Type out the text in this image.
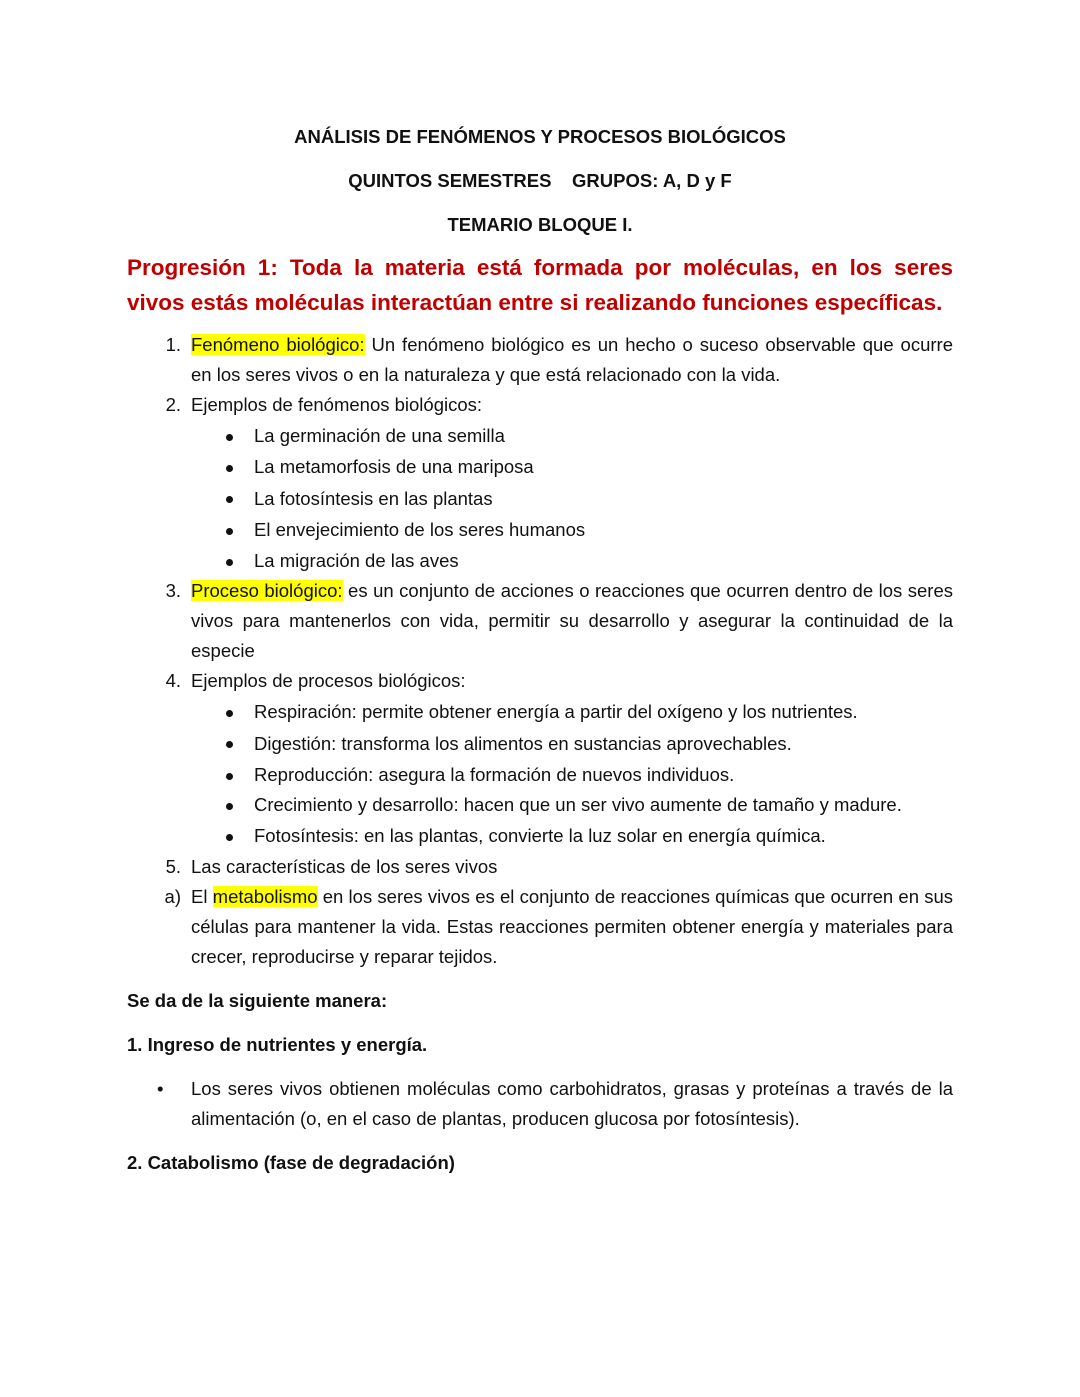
ANÁLISIS DE FENÓMENOS Y PROCESOS BIOLÓGICOS

QUINTOS SEMESTRES    GRUPOS: A, D y F

TEMARIO BLOQUE I.

Progresión 1: Toda la materia está formada por moléculas, en los seres vivos estás moléculas interactúan entre si realizando funciones específicas.

1. Fenómeno biológico: Un fenómeno biológico es un hecho o suceso observable que ocurre en los seres vivos o en la naturaleza y que está relacionado con la vida.
2. Ejemplos de fenómenos biológicos:
La germinación de una semilla
La metamorfosis de una mariposa
La fotosíntesis en las plantas
El envejecimiento de los seres humanos
La migración de las aves
3. Proceso biológico: es un conjunto de acciones o reacciones que ocurren dentro de los seres vivos para mantenerlos con vida, permitir su desarrollo y asegurar la continuidad de la especie
4. Ejemplos de procesos biológicos:
Respiración: permite obtener energía a partir del oxígeno y los nutrientes.
Digestión: transforma los alimentos en sustancias aprovechables.
Reproducción: asegura la formación de nuevos individuos.
Crecimiento y desarrollo: hacen que un ser vivo aumente de tamaño y madure.
Fotosíntesis: en las plantas, convierte la luz solar en energía química.
5. Las características de los seres vivos
a) El metabolismo en los seres vivos es el conjunto de reacciones químicas que ocurren en sus células para mantener la vida. Estas reacciones permiten obtener energía y materiales para crecer, reproducirse y reparar tejidos.

Se da de la siguiente manera:

1. Ingreso de nutrientes y energía.

•	Los seres vivos obtienen moléculas como carbohidratos, grasas y proteínas a través de la alimentación (o, en el caso de plantas, producen glucosa por fotosíntesis).

2. Catabolismo (fase de degradación)
